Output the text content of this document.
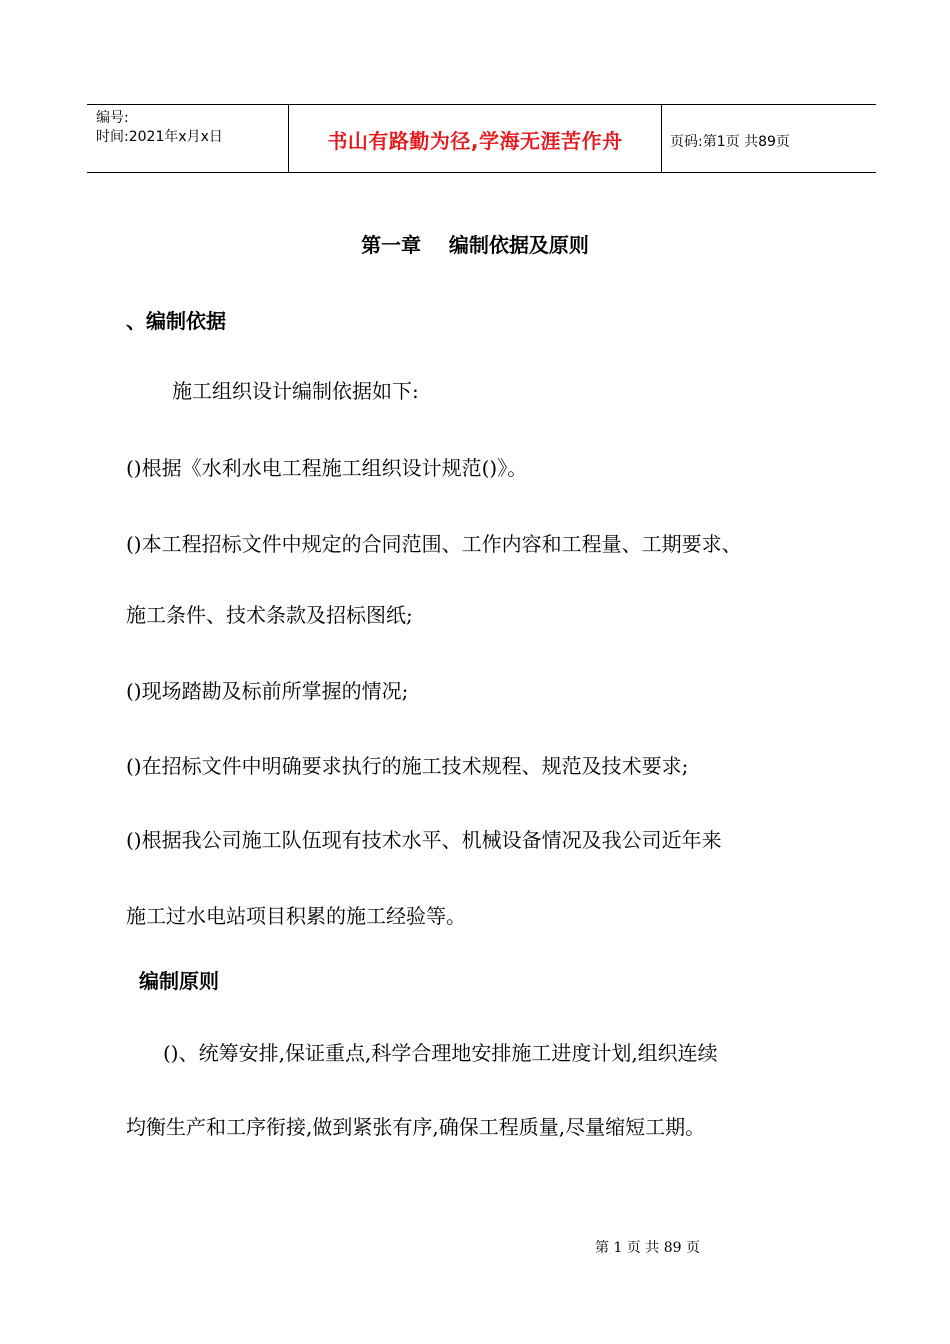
编号:
时间:2021年x月x日	书山有路勤为径,学海无涯苦作舟	页码:第1页 共89页
第一章    编制依据及原则
、编制依据
施工组织设计编制依据如下:
()根据《水利水电工程施工组织设计规范()》。
()本工程招标文件中规定的合同范围、工作内容和工程量、工期要求、
施工条件、技术条款及招标图纸;
()现场踏勘及标前所掌握的情况;
()在招标文件中明确要求执行的施工技术规程、规范及技术要求;
()根据我公司施工队伍现有技术水平、机械设备情况及我公司近年来
施工过水电站项目积累的施工经验等。
编制原则
()、统筹安排,保证重点,科学合理地安排施工进度计划,组织连续
均衡生产和工序衔接,做到紧张有序,确保工程质量,尽量缩短工期。
第 1 页 共 89 页
